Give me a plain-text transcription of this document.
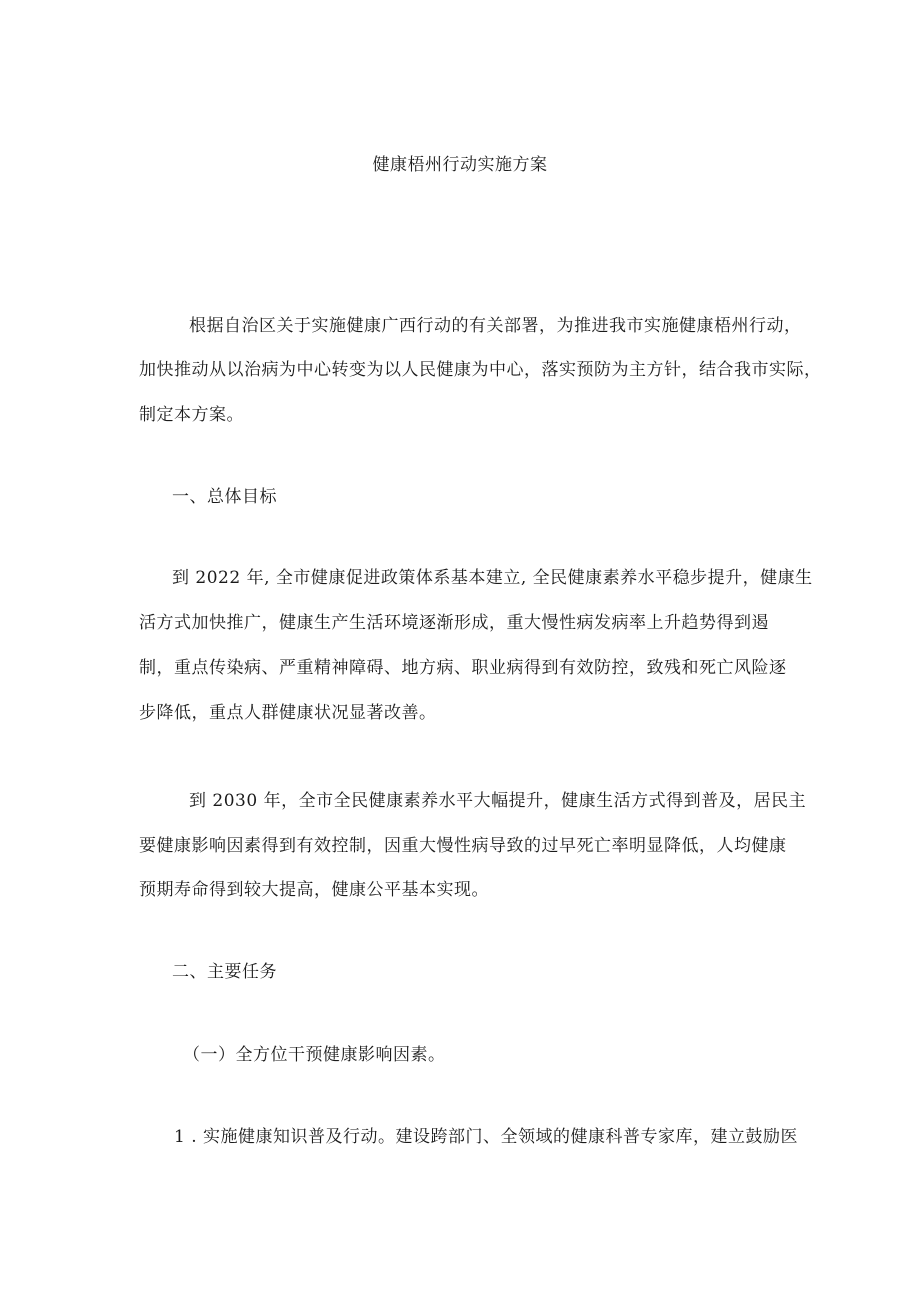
健康梧州行动实施方案
根据自治区关于实施健康广西行动的有关部署，为推进我市实施健康梧州行动，
加快推动从以治病为中心转变为以人民健康为中心，落实预防为主方针，结合我市实际，
制定本方案。
一、总体目标
到 2022 年, 全市健康促进政策体系基本建立, 全民健康素养水平稳步提升，健康生
活方式加快推广，健康生产生活环境逐渐形成，重大慢性病发病率上升趋势得到遏
制，重点传染病、严重精神障碍、地方病、职业病得到有效防控，致残和死亡风险逐
步降低，重点人群健康状况显著改善。
到 2030 年，全市全民健康素养水平大幅提升，健康生活方式得到普及，居民主
要健康影响因素得到有效控制，因重大慢性病导致的过早死亡率明显降低，人均健康
预期寿命得到较大提高，健康公平基本实现。
二、主要任务
（一）全方位干预健康影响因素。
1 . 实施健康知识普及行动。建设跨部门、全领域的健康科普专家库，建立鼓励医
